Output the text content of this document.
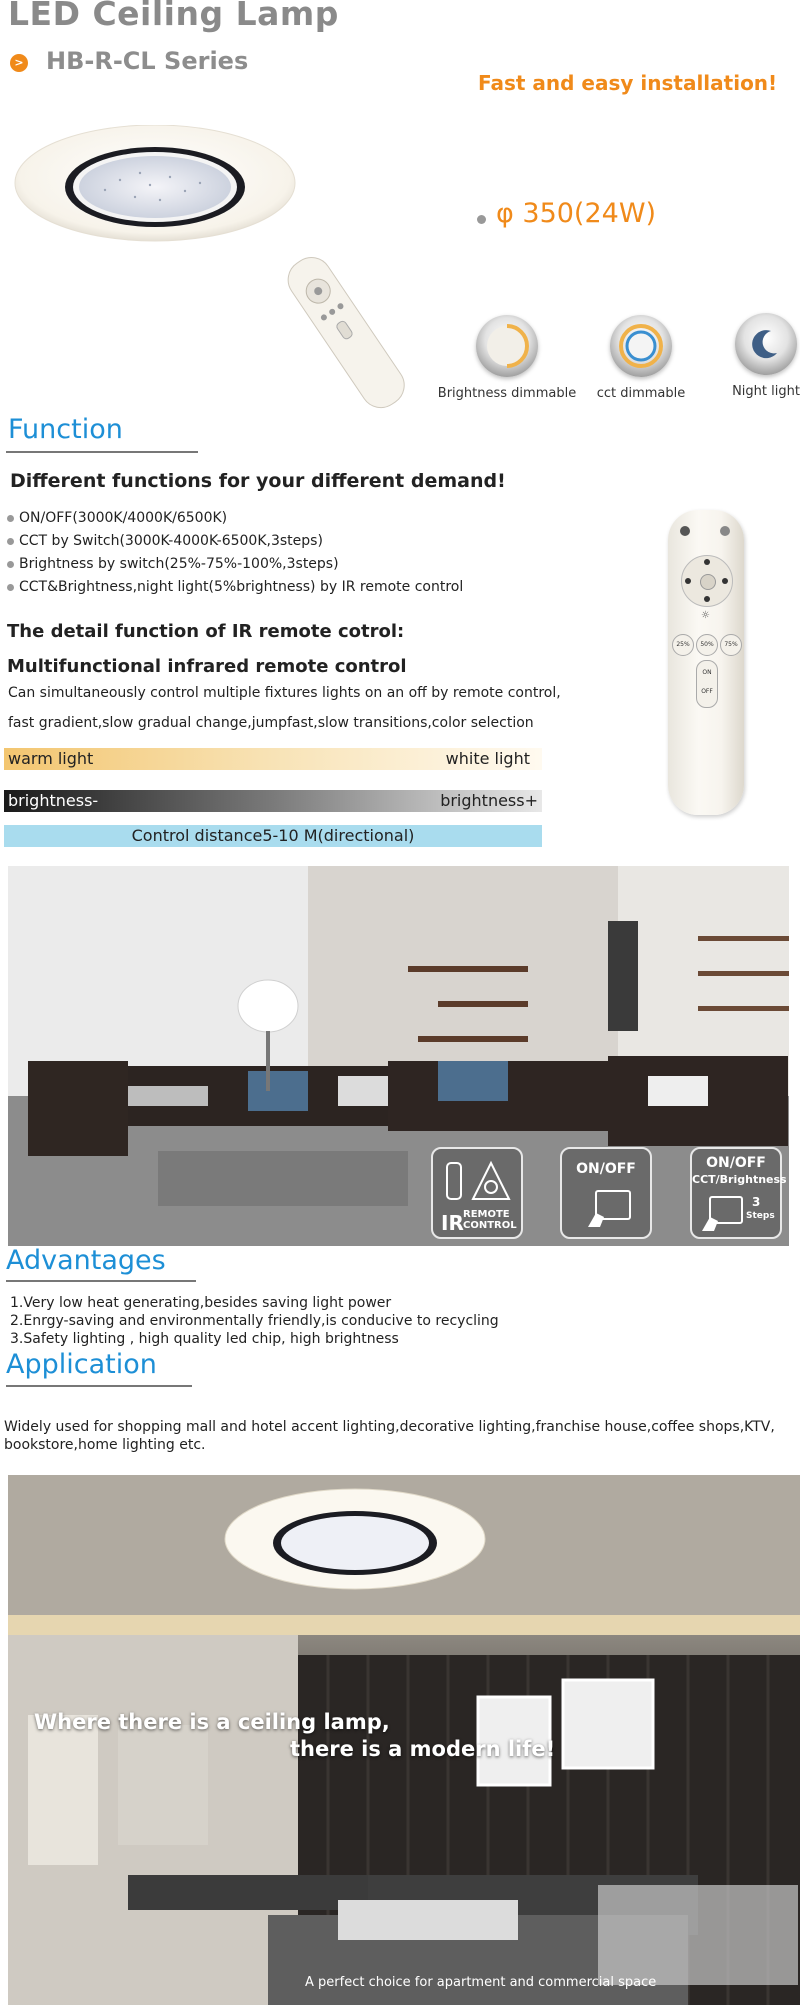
LED Ceiling Lamp
> HB-R-CL Series
Fast and easy installation!
φ 350(24W)
Brightness dimmable	cct dimmable	Night light
Function
Different functions for your different demand!
ON/OFF(3000K/4000K/6500K)
CCT by Switch(3000K-4000K-6500K,3steps)
Brightness by switch(25%-75%-100%,3steps)
CCT&Brightness,night light(5%brightness) by IR remote control
The detail function of IR remote cotrol:
Multifunctional infrared remote control
Can simultaneously control multiple fixtures lights on an off by remote control,
fast gradient,slow gradual change,jumpfast,slow transitions,color selection
warm light	white light
brightness-	brightness+
Control distance5-10 M(directional)
☼
25%	50%	75%
ON
OFF
IR REMOTE
CONTROL
ON/OFF	ON/OFF
CCT/Brightness
3
Steps
Advantages
1.Very low heat generating,besides saving light power
2.Enrgy-saving and environmentally friendly,is conducive to recycling
3.Safety lighting , high quality led chip, high brightness
Application
Widely used for shopping mall and hotel accent lighting,decorative lighting,franchise house,coffee shops,KTV, bookstore,home lighting etc.
Where there is a ceiling lamp,
there is a modern life!
A perfect choice for apartment and commercial space
